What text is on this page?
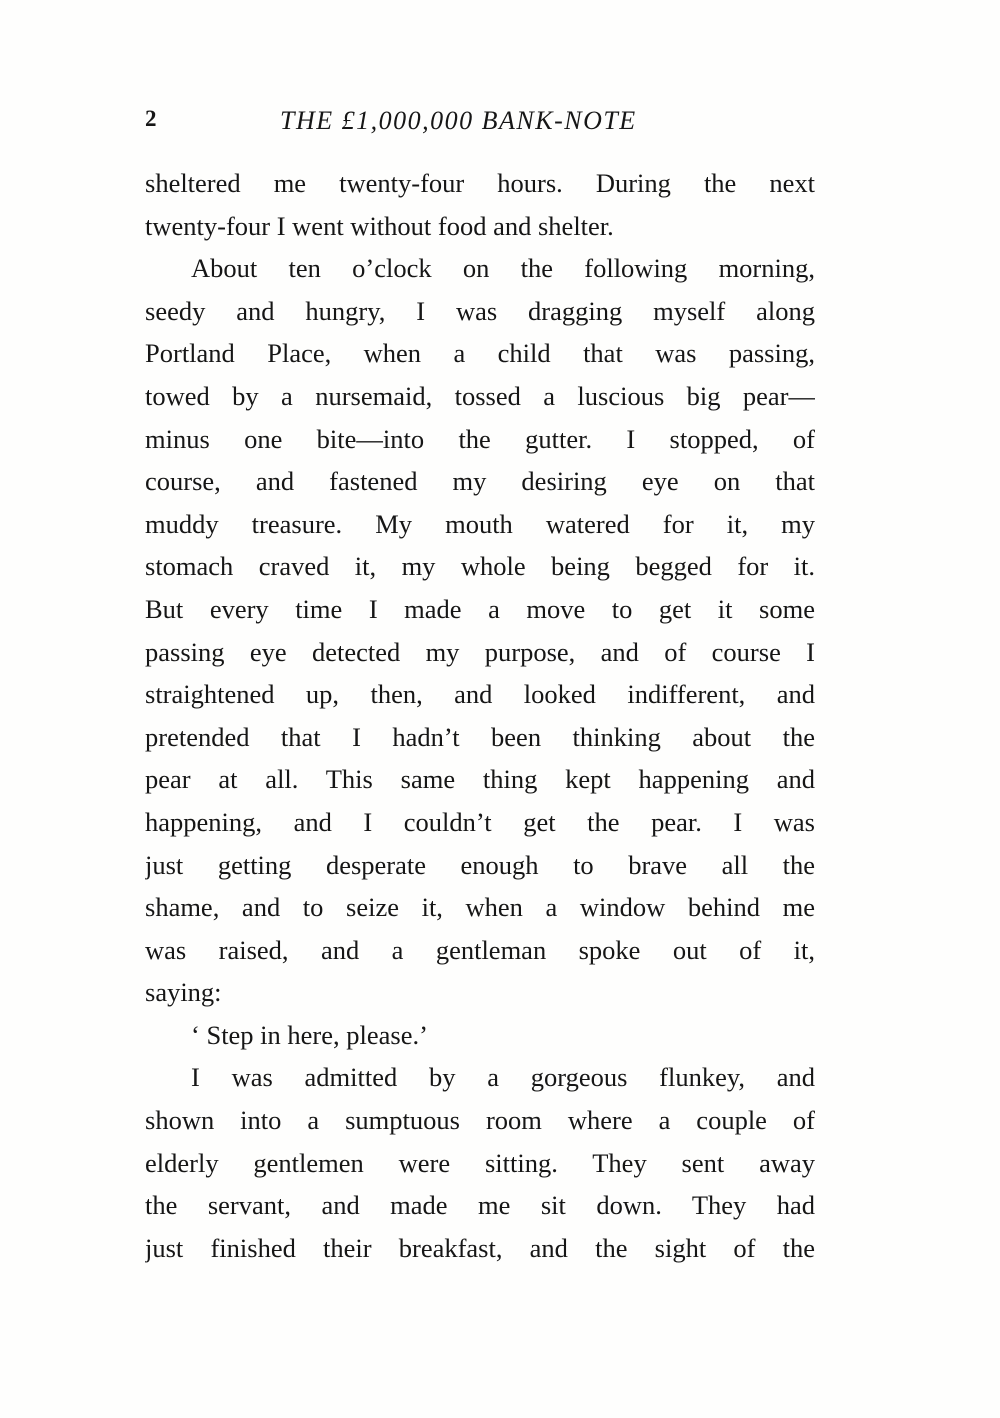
2	THE £1,000,000 BANK-NOTE
sheltered me twenty-four hours. During the next
twenty-four I went without food and shelter.
About ten o’clock on the following morning,
seedy and hungry, I was dragging myself along
Portland Place, when a child that was passing,
towed by a nursemaid, tossed a luscious big pear—
minus one bite—into the gutter. I stopped, of
course, and fastened my desiring eye on that
muddy treasure. My mouth watered for it, my
stomach craved it, my whole being begged for it.
But every time I made a move to get it some
passing eye detected my purpose, and of course I
straightened up, then, and looked indifferent, and
pretended that I hadn’t been thinking about the
pear at all. This same thing kept happening and
happening, and I couldn’t get the pear. I was
just getting desperate enough to brave all the
shame, and to seize it, when a window behind me
was raised, and a gentleman spoke out of it,
saying:
‘ Step in here, please.’
I was admitted by a gorgeous flunkey, and
shown into a sumptuous room where a couple of
elderly gentlemen were sitting. They sent away
the servant, and made me sit down. They had
just finished their breakfast, and the sight of the
